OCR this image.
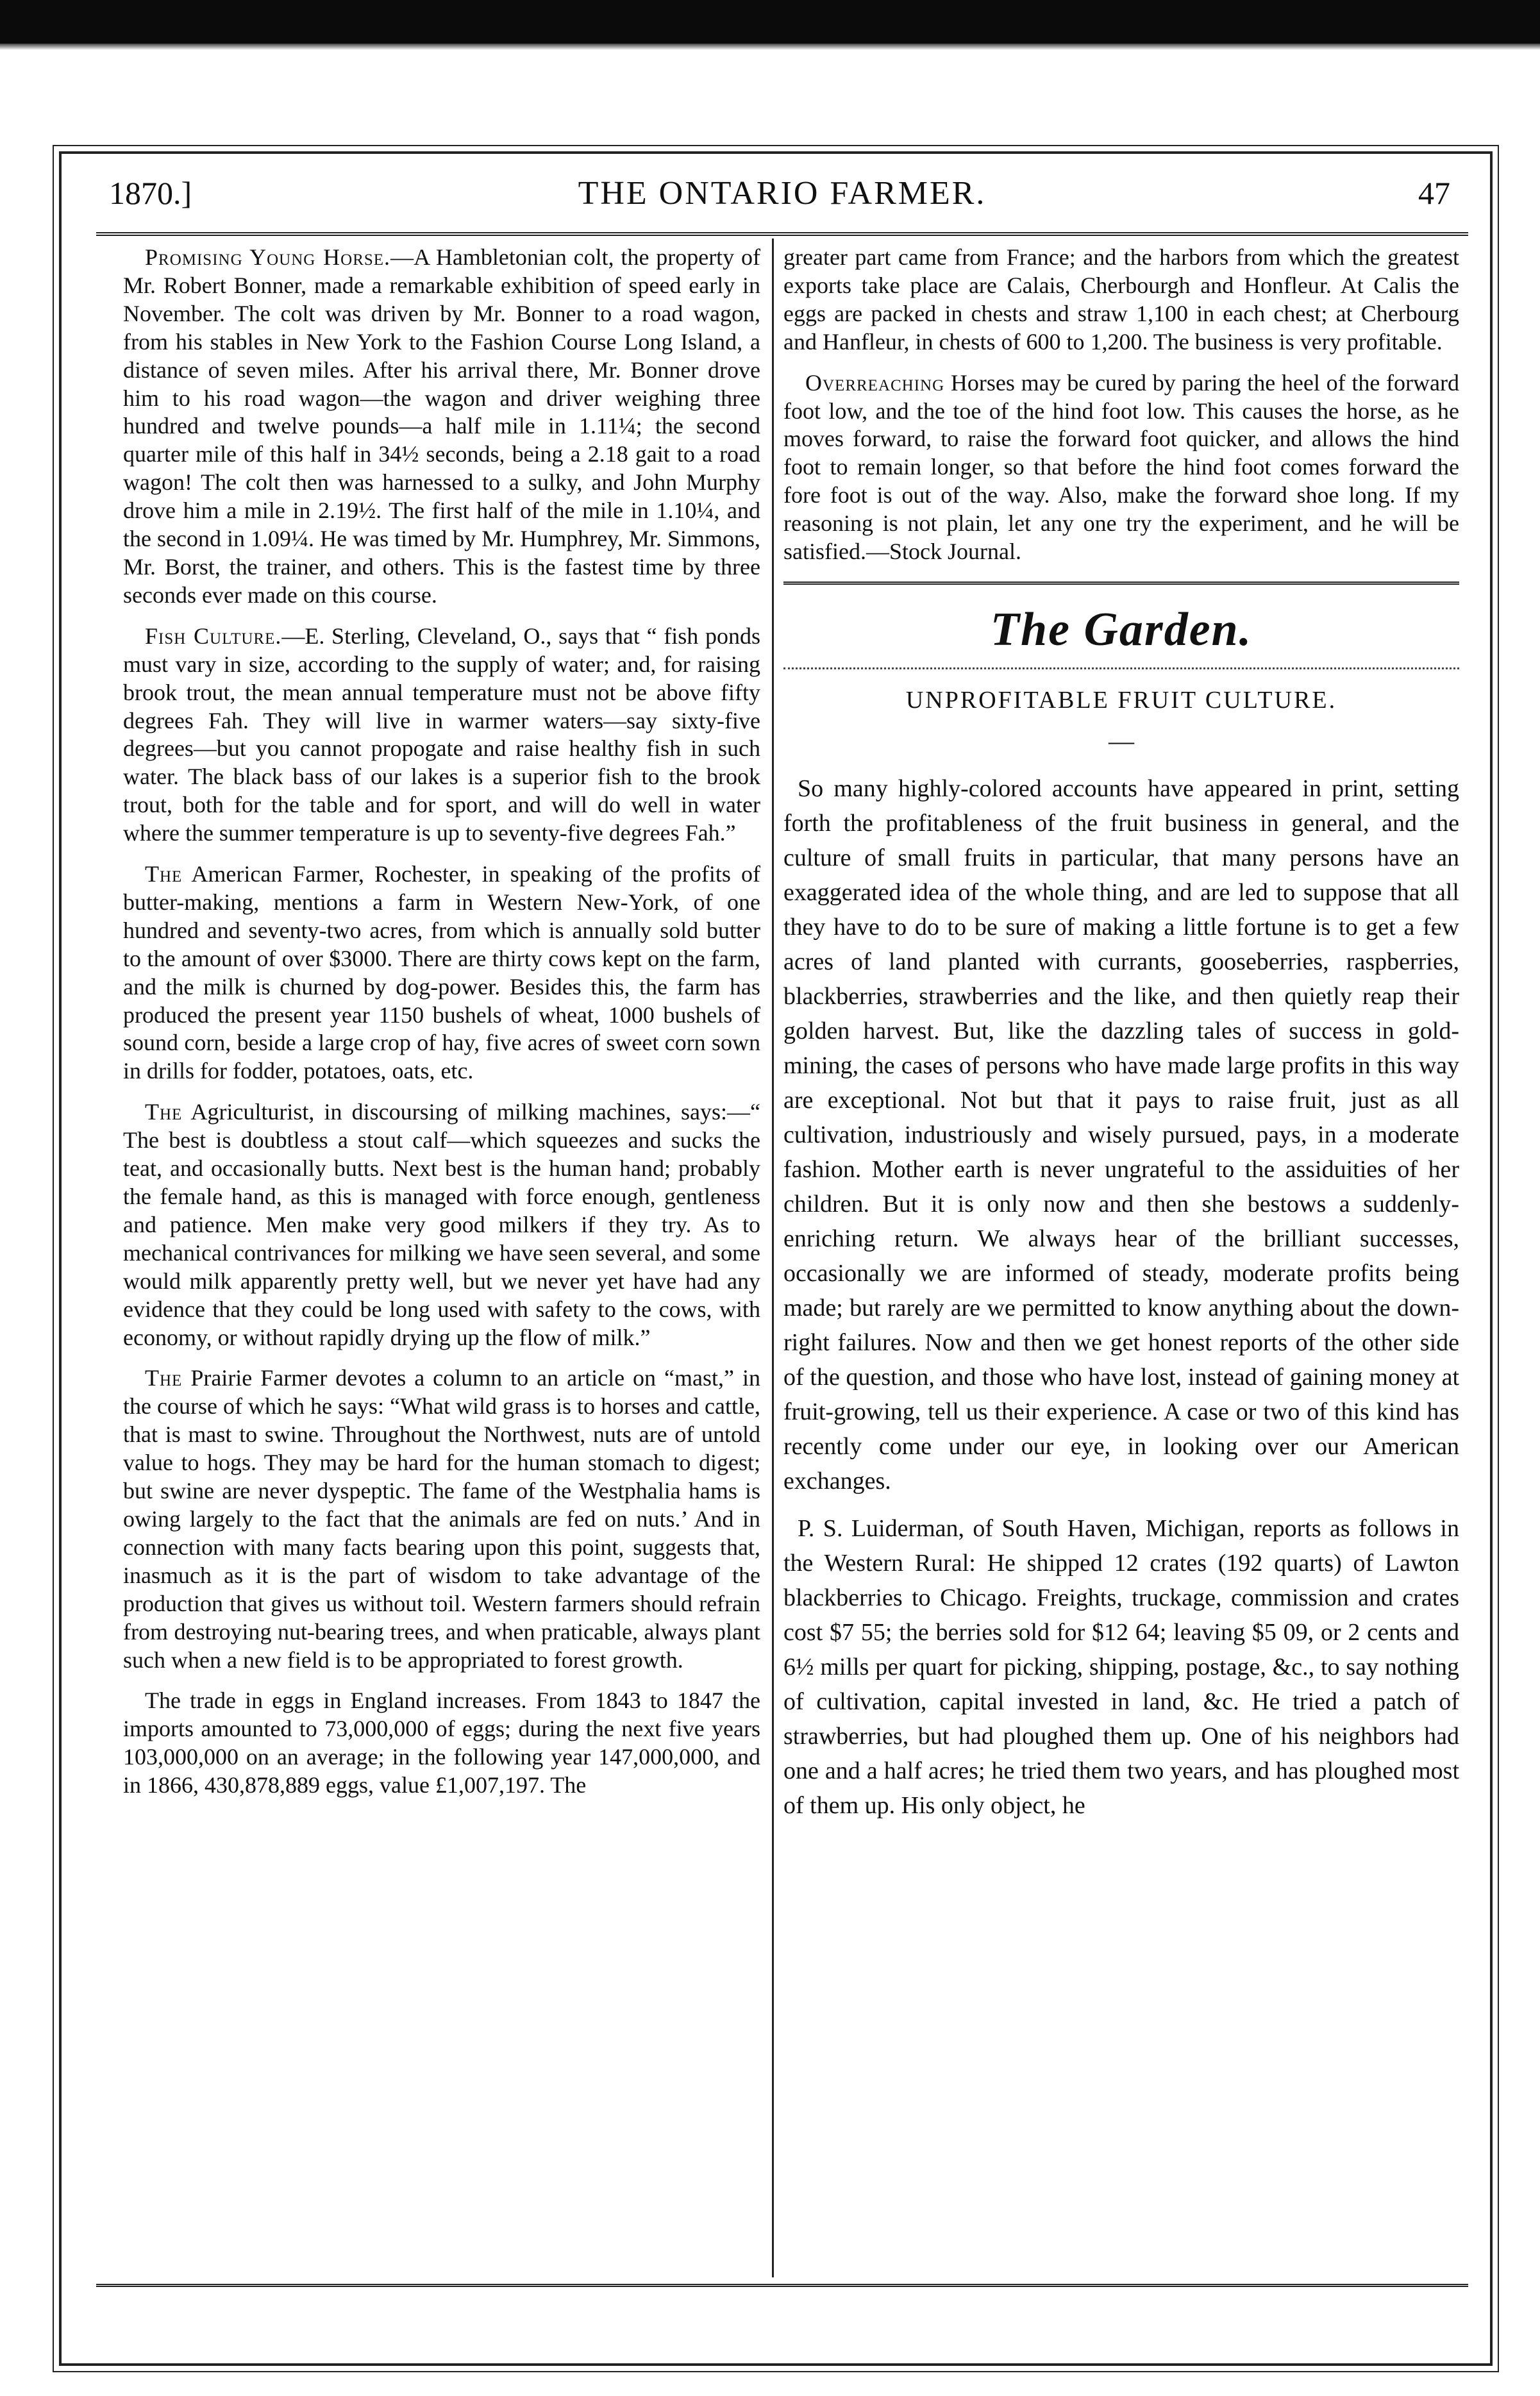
1870.]	THE ONTARIO FARMER.	47

Promising Young Horse.—A Hambletonian colt, the property of Mr. Robert Bonner, made a remarkable exhibition of speed early in November. The colt was driven by Mr. Bonner to a road wagon, from his stables in New York to the Fashion Course Long Island, a distance of seven miles. After his arrival there, Mr. Bonner drove him to his road wagon—the wagon and driver weighing three hundred and twelve pounds—a half mile in 1.11¼; the second quarter mile of this half in 34½ seconds, being a 2.18 gait to a road wagon! The colt then was harnessed to a sulky, and John Murphy drove him a mile in 2.19½. The first half of the mile in 1.10¼, and the second in 1.09¼. He was timed by Mr. Humphrey, Mr. Simmons, Mr. Borst, the trainer, and others. This is the fastest time by three seconds ever made on this course.

Fish Culture.—E. Sterling, Cleveland, O., says that “ fish ponds must vary in size, according to the supply of water; and, for raising brook trout, the mean annual temperature must not be above fifty degrees Fah. They will live in warmer waters—say sixty-five degrees—but you cannot propogate and raise healthy fish in such water. The black bass of our lakes is a superior fish to the brook trout, both for the table and for sport, and will do well in water where the summer temperature is up to seventy-five degrees Fah.”

The American Farmer, Rochester, in speaking of the profits of butter-making, mentions a farm in Western New-York, of one hundred and seventy-two acres, from which is annually sold butter to the amount of over $3000. There are thirty cows kept on the farm, and the milk is churned by dog-power. Besides this, the farm has produced the present year 1150 bushels of wheat, 1000 bushels of sound corn, beside a large crop of hay, five acres of sweet corn sown in drills for fodder, potatoes, oats, etc.

The Agriculturist, in discoursing of milking machines, says:—“ The best is doubtless a stout calf—which squeezes and sucks the teat, and occasionally butts. Next best is the human hand; probably the female hand, as this is managed with force enough, gentleness and patience. Men make very good milkers if they try. As to mechanical contrivances for milking we have seen several, and some would milk apparently pretty well, but we never yet have had any evidence that they could be long used with safety to the cows, with economy, or without rapidly drying up the flow of milk.”

The Prairie Farmer devotes a column to an article on “mast,” in the course of which he says: “What wild grass is to horses and cattle, that is mast to swine. Throughout the Northwest, nuts are of untold value to hogs. They may be hard for the human stomach to digest; but swine are never dyspeptic. The fame of the Westphalia hams is owing largely to the fact that the animals are fed on nuts.’ And in connection with many facts bearing upon this point, suggests that, inasmuch as it is the part of wisdom to take advantage of the production that gives us without toil. Western farmers should refrain from destroying nut-bearing trees, and when praticable, always plant such when a new field is to be appropriated to forest growth.

The trade in eggs in England increases. From 1843 to 1847 the imports amounted to 73,000,000 of eggs; during the next five years 103,000,000 on an average; in the following year 147,000,000, and in 1866, 430,878,889 eggs, value £1,007,197. The

greater part came from France; and the harbors from which the greatest exports take place are Calais, Cherbourgh and Honfleur. At Calis the eggs are packed in chests and straw 1,100 in each chest; at Cherbourg and Hanfleur, in chests of 600 to 1,200. The business is very profitable.

Overreaching Horses may be cured by paring the heel of the forward foot low, and the toe of the hind foot low. This causes the horse, as he moves forward, to raise the forward foot quicker, and allows the hind foot to remain longer, so that before the hind foot comes forward the fore foot is out of the way. Also, make the forward shoe long. If my reasoning is not plain, let any one try the experiment, and he will be satisfied.—Stock Journal.

The Garden.
UNPROFITABLE FRUIT CULTURE.
—

So many highly-colored accounts have appeared in print, setting forth the profitableness of the fruit business in general, and the culture of small fruits in particular, that many persons have an exaggerated idea of the whole thing, and are led to suppose that all they have to do to be sure of making a little fortune is to get a few acres of land planted with currants, gooseberries, raspberries, blackberries, strawberries and the like, and then quietly reap their golden harvest. But, like the dazzling tales of success in gold-mining, the cases of persons who have made large profits in this way are exceptional. Not but that it pays to raise fruit, just as all cultivation, industriously and wisely pursued, pays, in a moderate fashion. Mother earth is never ungrateful to the assiduities of her children. But it is only now and then she bestows a suddenly-enriching return. We always hear of the brilliant successes, occasionally we are informed of steady, moderate profits being made; but rarely are we permitted to know anything about the down-right failures. Now and then we get honest reports of the other side of the question, and those who have lost, instead of gaining money at fruit-growing, tell us their experience. A case or two of this kind has recently come under our eye, in looking over our American exchanges.

P. S. Luiderman, of South Haven, Michigan, reports as follows in the Western Rural: He shipped 12 crates (192 quarts) of Lawton blackberries to Chicago. Freights, truckage, commission and crates cost $7 55; the berries sold for $12 64; leaving $5 09, or 2 cents and 6½ mills per quart for picking, shipping, postage, &c., to say nothing of cultivation, capital invested in land, &c. He tried a patch of strawberries, but had ploughed them up. One of his neighbors had one and a half acres; he tried them two years, and has ploughed most of them up. His only object, he
